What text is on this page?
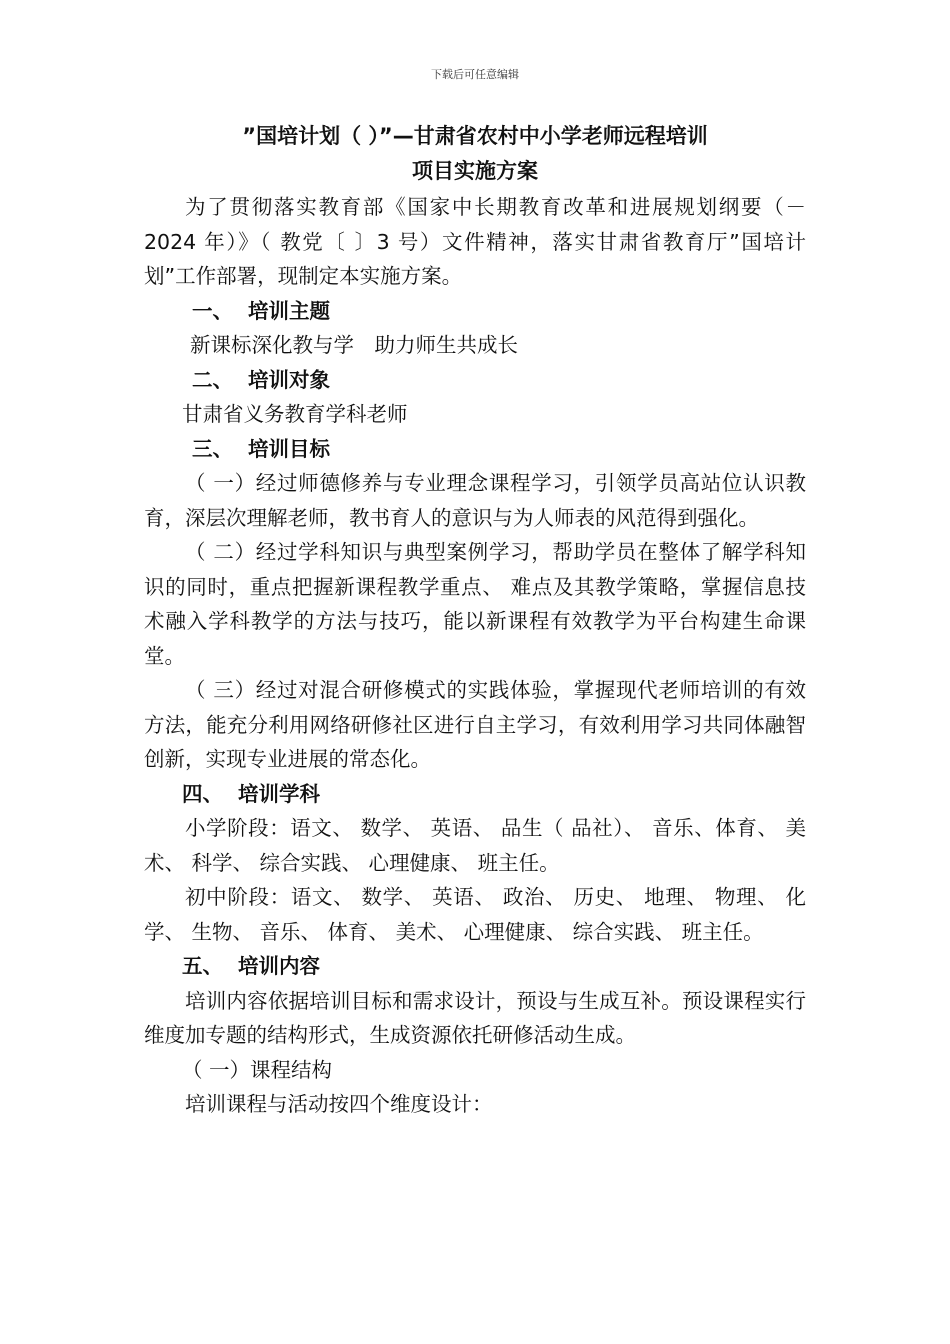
下载后可任意编辑
”国培计划（ ）”—甘肃省农村中小学老师远程培训
项目实施方案

为了贯彻落实教育部《国家中长期教育改革和进展规划纲要（－2024 年）》（ 教党〔 〕3 号）文件精神，落实甘肃省教育厅”国培计划”工作部署，现制定本实施方案。

一、 培训主题

新课标深化教与学　助力师生共成长

二、 培训对象

甘肃省义务教育学科老师

三、 培训目标

（ 一）经过师德修养与专业理念课程学习，引领学员高站位认识教育，深层次理解老师，教书育人的意识与为人师表的风范得到强化。

（ 二）经过学科知识与典型案例学习，帮助学员在整体了解学科知识的同时，重点把握新课程教学重点、 难点及其教学策略，掌握信息技术融入学科教学的方法与技巧，能以新课程有效教学为平台构建生命课堂。

（ 三）经过对混合研修模式的实践体验，掌握现代老师培训的有效方法，能充分利用网络研修社区进行自主学习，有效利用学习共同体融智创新，实现专业进展的常态化。

四、 培训学科

小学阶段：语文、 数学、 英语、 品生（ 品社）、 音乐、体育、 美术、 科学、 综合实践、 心理健康、 班主任。

初中阶段：语文、 数学、 英语、 政治、 历史、 地理、 物理、 化学、 生物、 音乐、 体育、 美术、 心理健康、 综合实践、 班主任。

五、 培训内容

培训内容依据培训目标和需求设计，预设与生成互补。预设课程实行维度加专题的结构形式，生成资源依托研修活动生成。

（ 一）课程结构

培训课程与活动按四个维度设计：
